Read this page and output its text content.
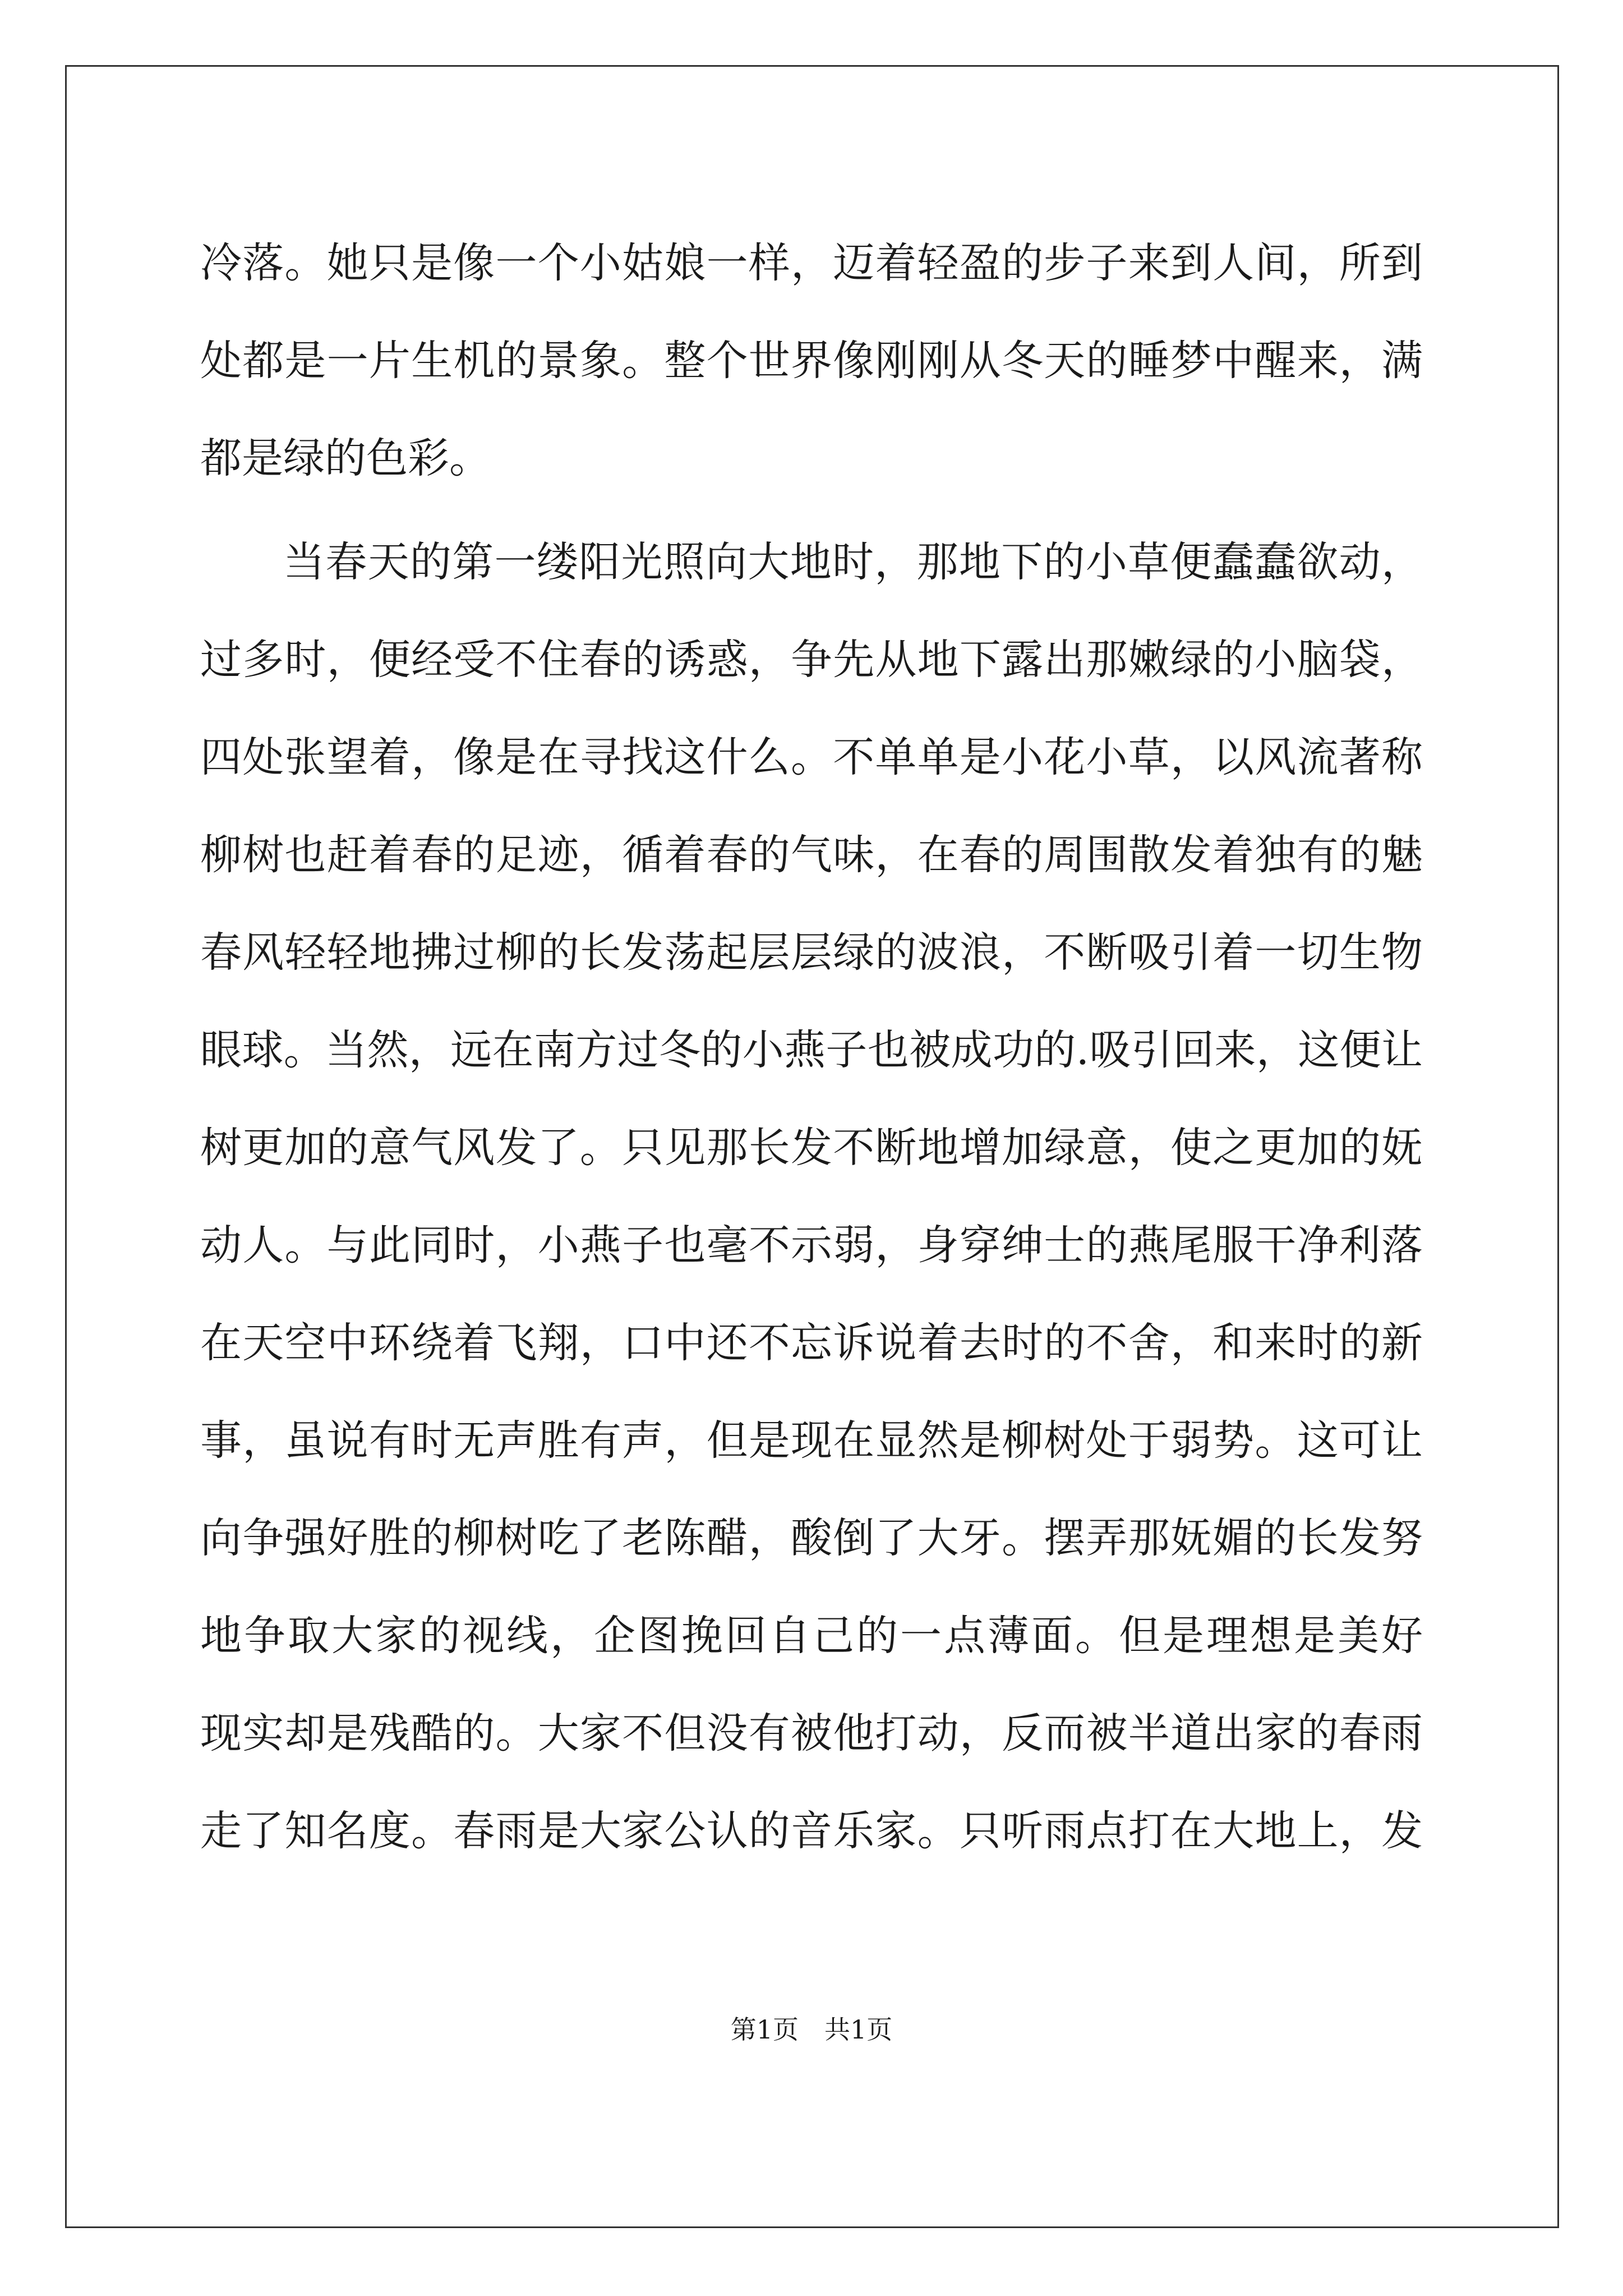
冷落。她只是像一个小姑娘一样，迈着轻盈的步子来到人间，所到
处都是一片生机的景象。整个世界像刚刚从冬天的睡梦中醒来，满
都是绿的色彩。
当春天的第一缕阳光照向大地时，那地下的小草便蠢蠢欲动，
过多时，便经受不住春的诱惑，争先从地下露出那嫩绿的小脑袋，
四处张望着，像是在寻找这什么。不单单是小花小草，以风流著称
柳树也赶着春的足迹，循着春的气味，在春的周围散发着独有的魅
春风轻轻地拂过柳的长发荡起层层绿的波浪，不断吸引着一切生物
眼球。当然，远在南方过冬的小燕子也被成功的.吸引回来，这便让
树更加的意气风发了。只见那长发不断地增加绿意，使之更加的妩
动人。与此同时，小燕子也毫不示弱，身穿绅士的燕尾服干净利落
在天空中环绕着飞翔，口中还不忘诉说着去时的不舍，和来时的新
事，虽说有时无声胜有声，但是现在显然是柳树处于弱势。这可让
向争强好胜的柳树吃了老陈醋，酸倒了大牙。摆弄那妩媚的长发努
地争取大家的视线，企图挽回自己的一点薄面。但是理想是美好
现实却是残酷的。大家不但没有被他打动，反而被半道出家的春雨
走了知名度。春雨是大家公认的音乐家。只听雨点打在大地上，发
第1页　共1页
